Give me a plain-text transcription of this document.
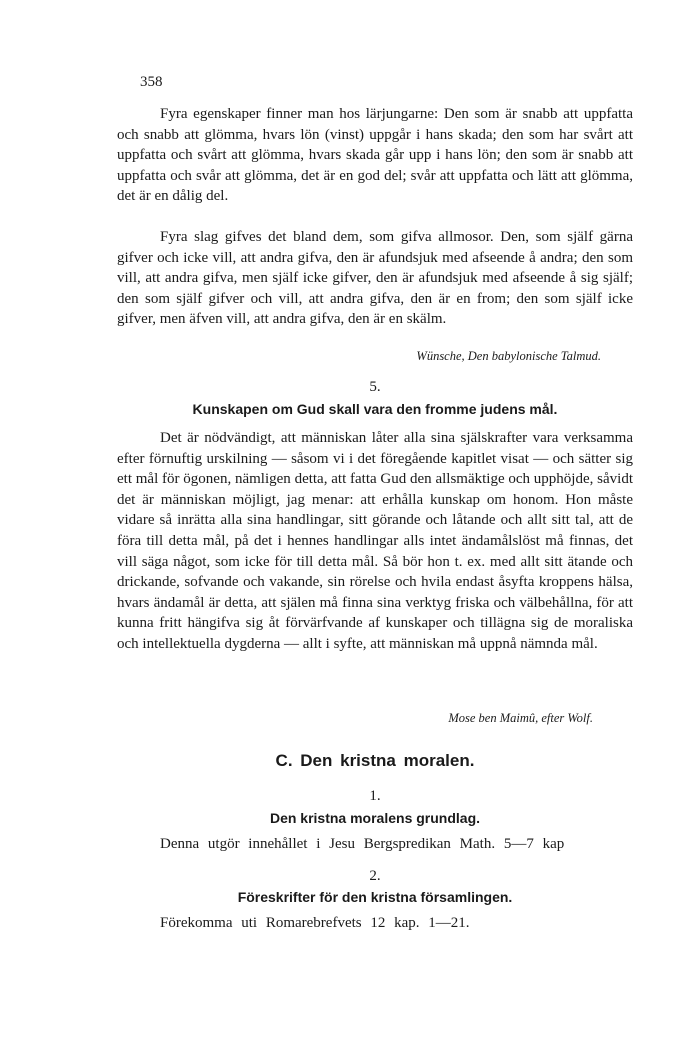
358

Fyra egenskaper finner man hos lärjungarne: Den som är snabb att uppfatta och snabb att glömma, hvars lön (vinst) uppgår i hans skada; den som har svårt att uppfatta och svårt att glömma, hvars skada går upp i hans lön; den som är snabb att uppfatta och svår att glömma, det är en god del; svår att uppfatta och lätt att glömma, det är en dålig del.

Fyra slag gifves det bland dem, som gifva allmosor. Den, som själf gärna gifver och icke vill, att andra gifva, den är afundsjuk med afseende å andra; den som vill, att andra gifva, men själf icke gifver, den är afundsjuk med afseende å sig själf; den som själf gifver och vill, att andra gifva, den är en from; den som själf icke gifver, men äfven vill, att andra gifva, den är en skälm.

Wünsche, Den babylonische Talmud.
5.
Kunskapen om Gud skall vara den fromme judens mål.

Det är nödvändigt, att människan låter alla sina själskrafter vara verksamma efter förnuftig urskilning — såsom vi i det föregående kapitlet visat — och sätter sig ett mål för ögonen, nämligen detta, att fatta Gud den allsmäktige och upphöjde, såvidt det är människan möjligt, jag menar: att erhålla kunskap om honom. Hon måste vidare så inrätta alla sina handlingar, sitt görande och låtande och allt sitt tal, att de föra till detta mål, på det i hennes handlingar alls intet ändamålslöst må finnas, det vill säga något, som icke för till detta mål. Så bör hon t. ex. med allt sitt ätande och drickande, sofvande och vakande, sin rörelse och hvila endast åsyfta kroppens hälsa, hvars ändamål är detta, att själen må finna sina verktyg friska och välbehållna, för att kunna fritt hängifva sig åt förvärfvande af kunskaper och tillägna sig de moraliska och intellektuella dygderna — allt i syfte, att människan må uppnå nämnda mål.

Mose ben Maimû, efter Wolf.
C. Den kristna moralen.
1.
Den kristna moralens grundlag.

Denna utgör innehållet i Jesu Bergspredikan Math. 5—7 kap

2.
Föreskrifter för den kristna församlingen.

Förekomma uti Romarebrefvets 12 kap. 1—21.
